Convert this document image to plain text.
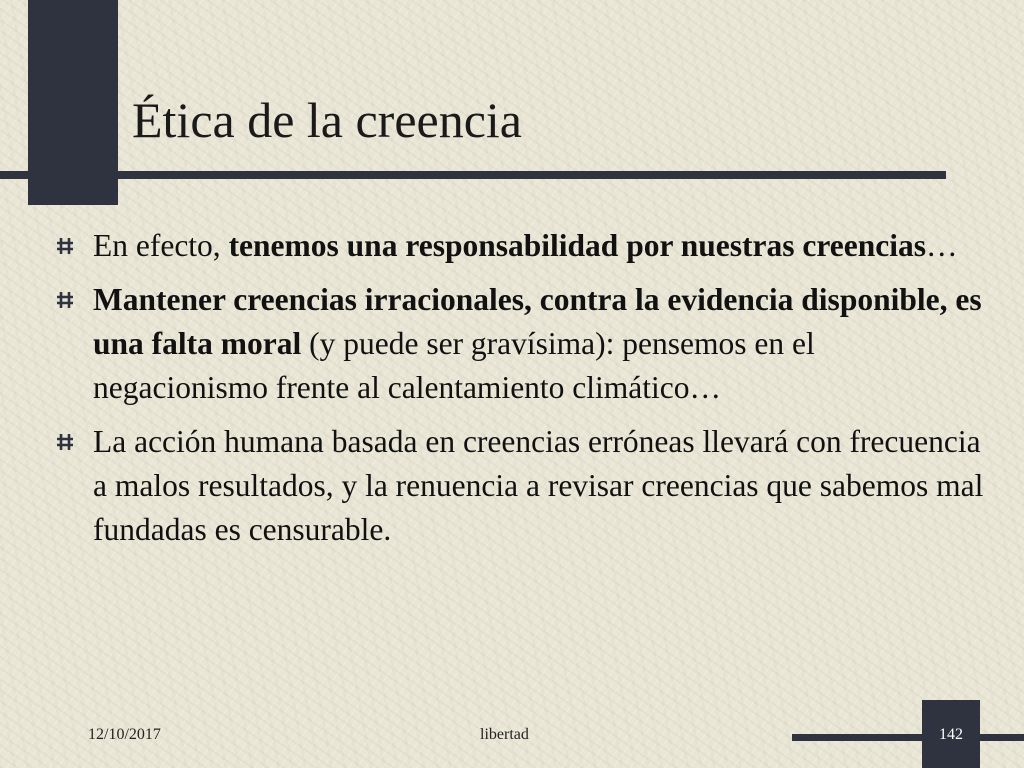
Ética de la creencia
En efecto, tenemos una responsabilidad por nuestras creencias…
Mantener creencias irracionales, contra la evidencia disponible, es una falta moral (y puede ser gravísima): pensemos en el negacionismo frente al calentamiento climático…
La acción humana basada en creencias erróneas llevará con frecuencia a malos resultados, y la renuencia a revisar creencias que sabemos mal fundadas es censurable.
12/10/2017	libertad	142
